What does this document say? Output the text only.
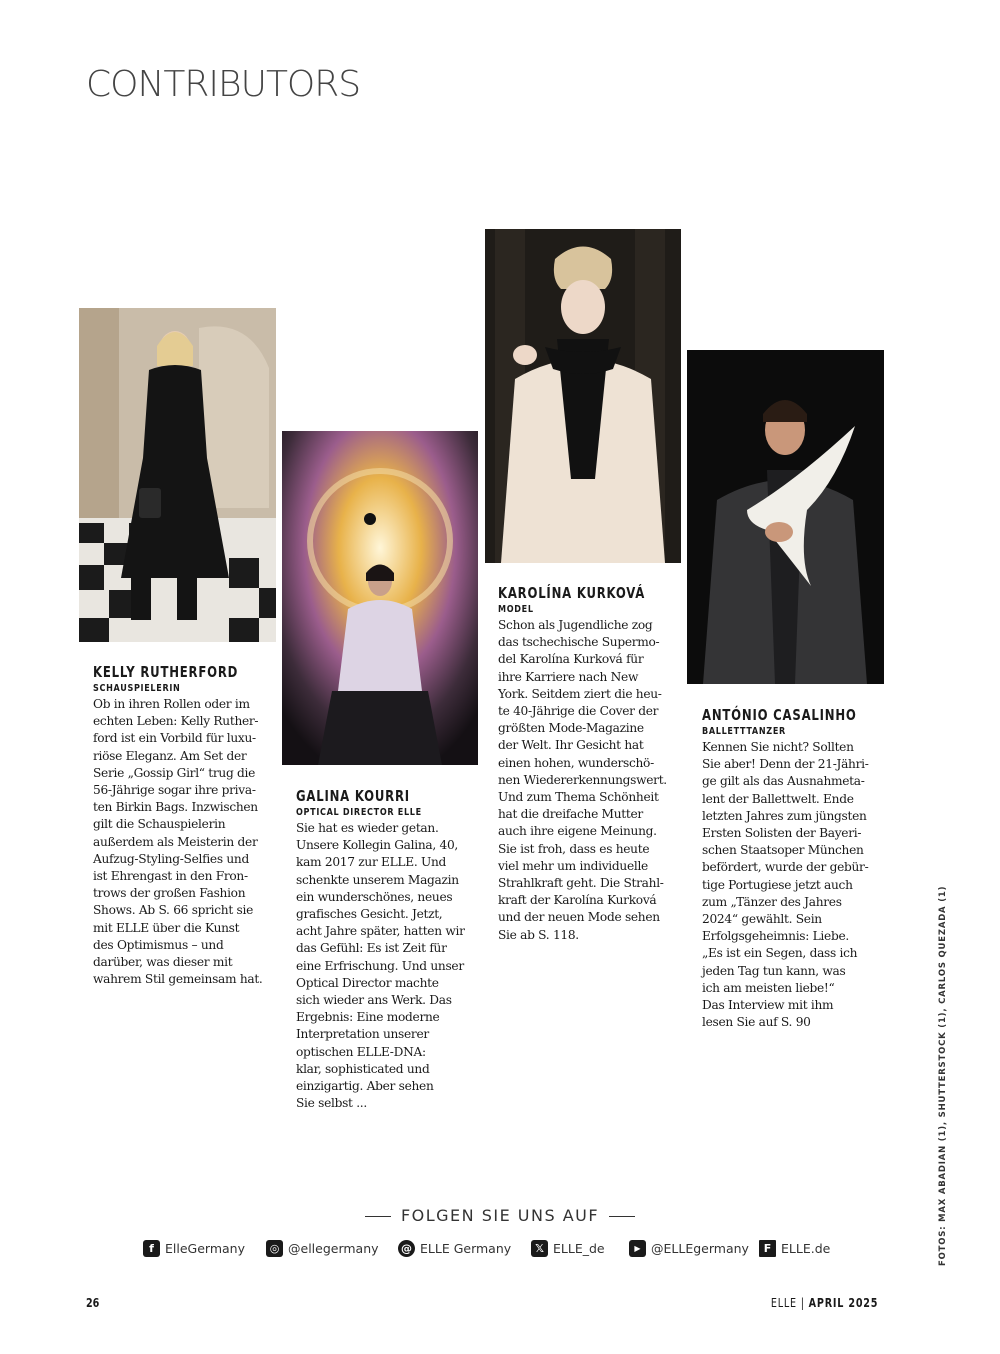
CONTRIBUTORS
KELLY RUTHERFORD
SCHAUSPIELERIN

Ob in ihren Rollen oder im
echten Leben: Kelly Ruther-
ford ist ein Vorbild für luxu-
riöse Eleganz. Am Set der
Serie „Gossip Girl“ trug die
56-Jährige sogar ihre priva-
ten Birkin Bags. Inzwischen
gilt die Schauspielerin
außerdem als Meisterin der
Aufzug-Styling-Selfies und
ist Ehrengast in den Fron-
trows der großen Fashion
Shows. Ab S. 66 spricht sie
mit ELLE über die Kunst
des Optimismus – und
darüber, was dieser mit
wahrem Stil gemeinsam hat.

GALINA KOURRI
OPTICAL DIRECTOR ELLE

Sie hat es wieder getan.
Unsere Kollegin Galina, 40,
kam 2017 zur ELLE. Und
schenkte unserem Magazin
ein wunderschönes, neues
grafisches Gesicht. Jetzt,
acht Jahre später, hatten wir
das Gefühl: Es ist Zeit für
eine Erfrischung. Und unser
Optical Director machte
sich wieder ans Werk. Das
Ergebnis: Eine moderne
Interpretation unserer
optischen ELLE-DNA:
klar, sophisticated und
einzigartig. Aber sehen
Sie selbst ...

KAROLÍNA KURKOVÁ
MODEL

Schon als Jugendliche zog
das tschechische Supermo-
del Karolína Kurková für
ihre Karriere nach New
York. Seitdem ziert die heu-
te 40-Jährige die Cover der
größten Mode-Magazine
der Welt. Ihr Gesicht hat
einen hohen, wunderschö-
nen Wiedererkennungswert.
Und zum Thema Schönheit
hat die dreifache Mutter
auch ihre eigene Meinung.
Sie ist froh, dass es heute
viel mehr um individuelle
Strahlkraft geht. Die Strahl-
kraft der Karolína Kurková
und der neuen Mode sehen
Sie ab S. 118.

ANTÓNIO CASALINHO
BALLETTTÄNZER

Kennen Sie nicht? Sollten
Sie aber! Denn der 21-Jähri-
ge gilt als das Ausnahmeta-
lent der Ballettwelt. Ende
letzten Jahres zum jüngsten
Ersten Solisten der Bayeri-
schen Staatsoper München
befördert, wurde der gebür-
tige Portugiese jetzt auch
zum „Tänzer des Jahres
2024“ gewählt. Sein
Erfolgsgeheimnis: Liebe.
„Es ist ein Segen, dass ich
jeden Tag tun kann, was
ich am meisten liebe!“
Das Interview mit ihm
lesen Sie auf S. 90

FOLGEN SIE UNS AUF
f ElleGermany	◎ @ellegermany @ ELLE Germany	𝕏 ELLE_de	▶ @ELLEgermany	F ELLE.de
26	ELLE | APRIL 2025
FOTOS: MAX ABADIAN (1), SHUTTERSTOCK (1), CARLOS QUEZADA (1)
